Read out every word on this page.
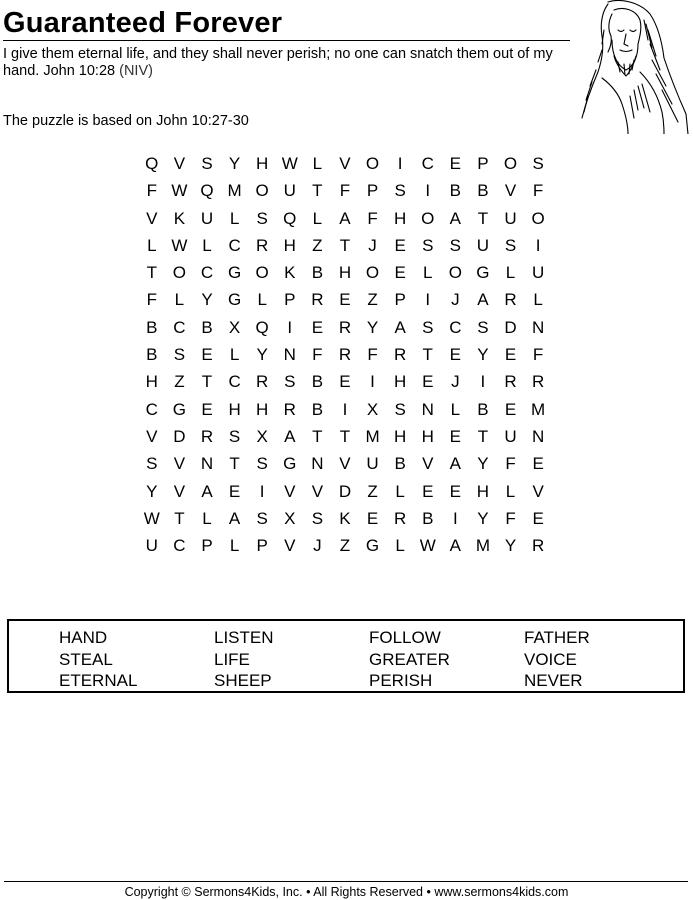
Guaranteed Forever
I give them eternal life, and they shall never perish; no one can snatch them out of my hand. John 10:28 (NIV)
The puzzle is based on John 10:27-30
Q V S Y H W L	V O	I	C E P O S
F W Q M O U T	F P S	I	B B V F
V K U L	S Q L	A F H O A T U O
L W L C R H Z	T	J	E S S U S	I
T O C G O K B H O E	L O G L U
F	L	Y G L	P R E Z P	I	J	A R L
B C B X Q	I	E R Y A S C S D N
B S E	L	Y N F R F R T E Y E F
H Z	T C R S B E	I	H E	J	I	R R
C G E H H R B	I	X S N L	B E M
V D R S X A T	T M H H E T U N
S V N T S G N V U B V A Y F E
Y V A E	I	V V D Z	L	E E H L	V
W T	L	A S X S K E R B	I	Y F E
U C P	L	P V	J	Z G L W A M Y R
HAND	LISTEN	FOLLOW	FATHER
STEAL	LIFE	GREATER	VOICE
ETERNAL	SHEEP	PERISH	NEVER
Copyright © Sermons4Kids, Inc. • All Rights Reserved • www.sermons4kids.com
